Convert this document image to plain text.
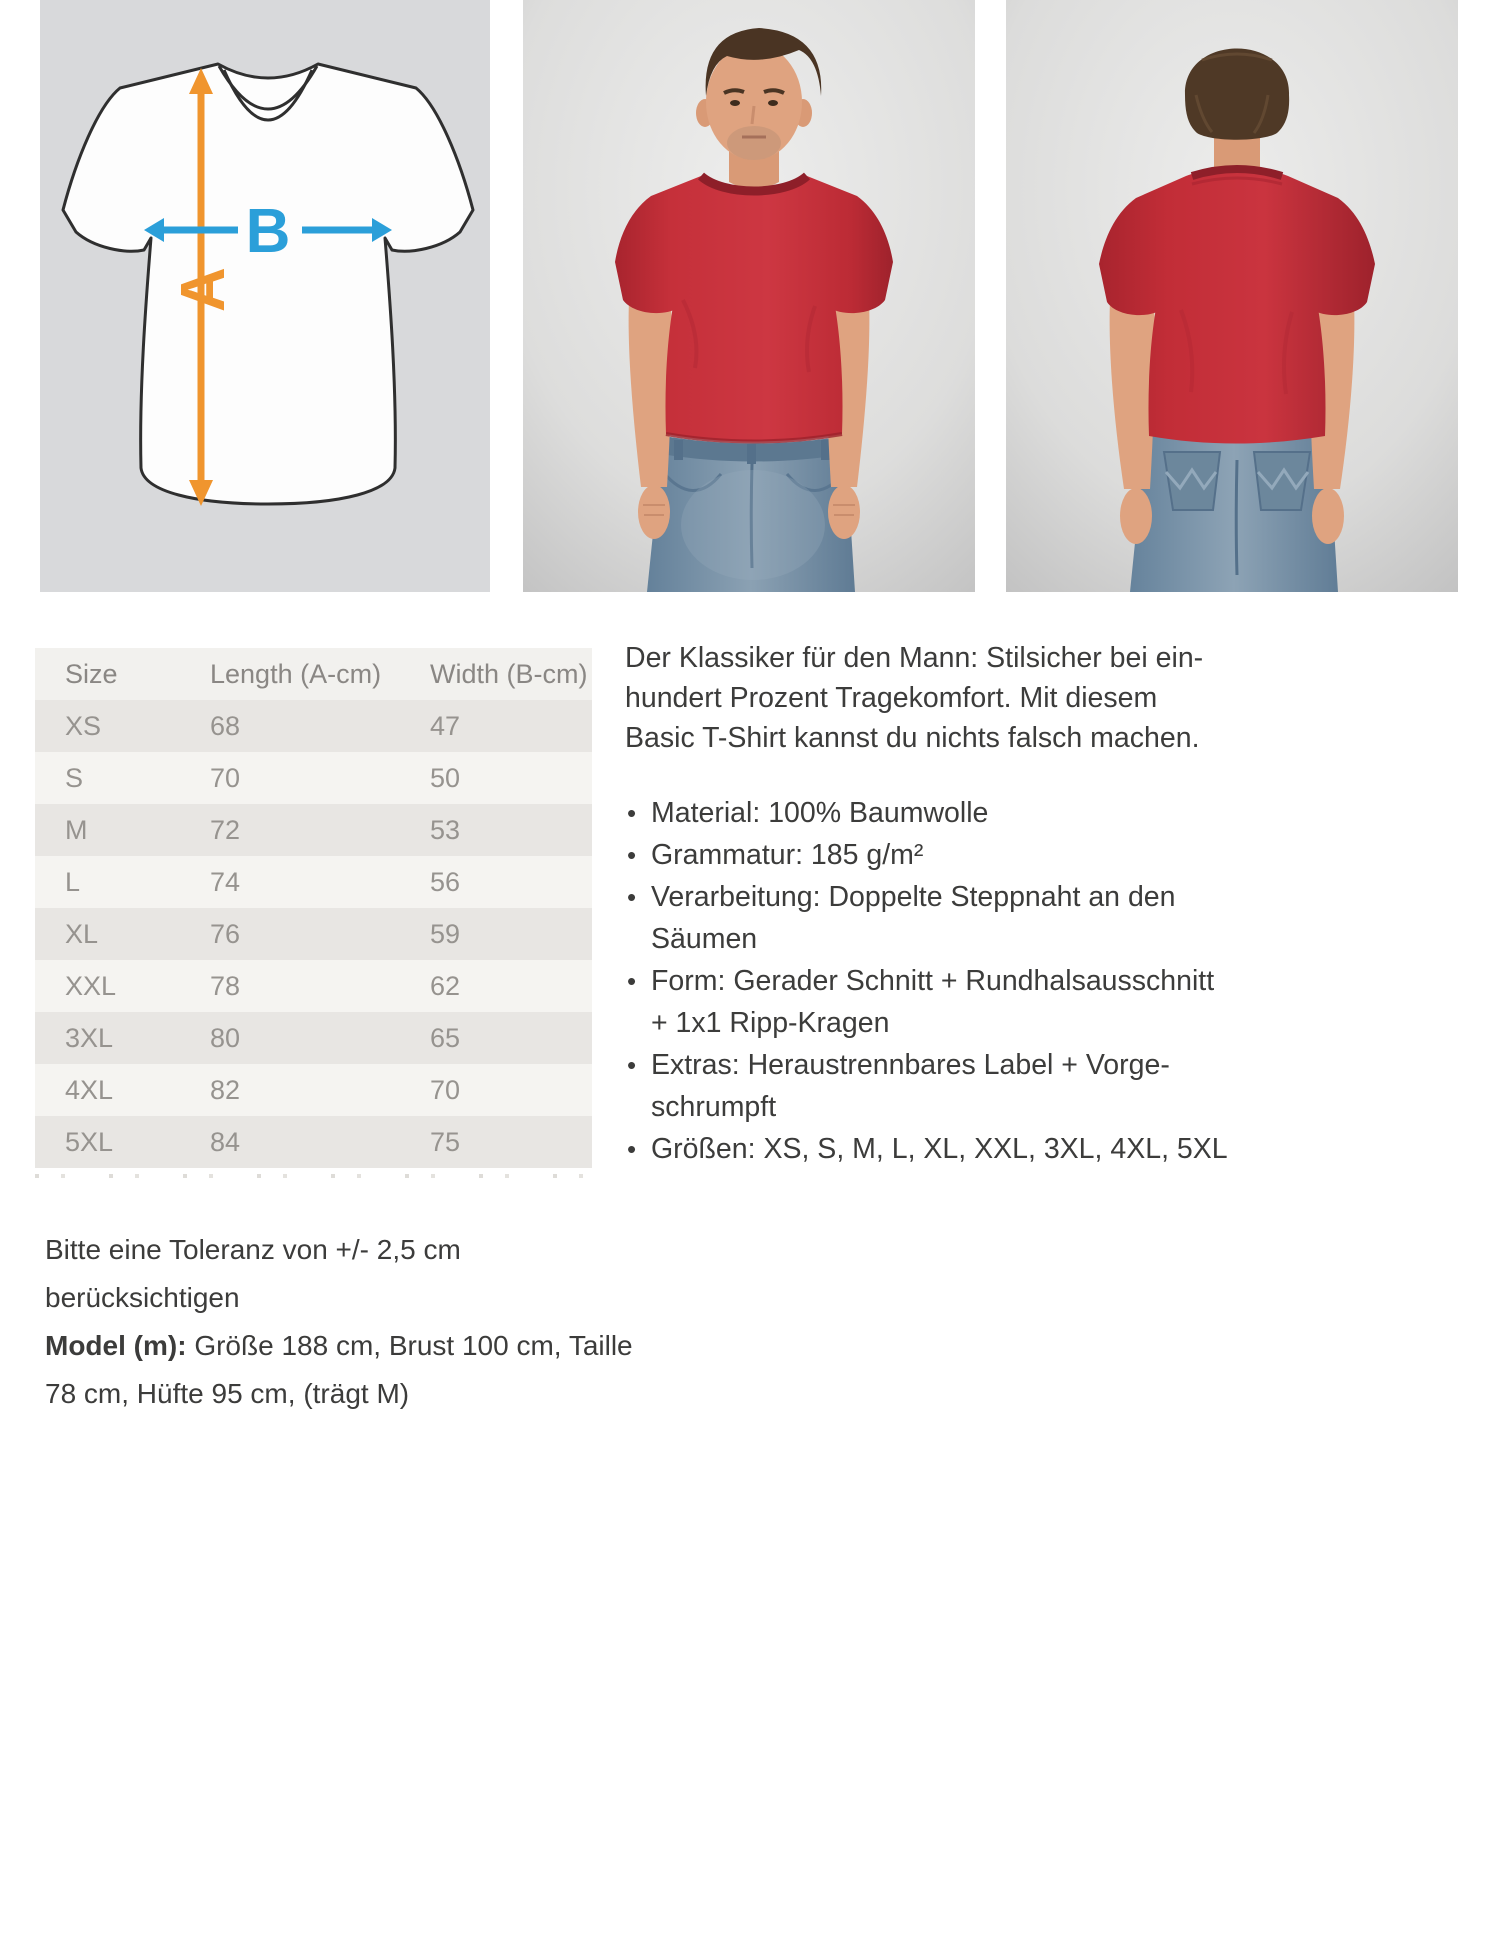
A
B
Size	Length (A-cm)	Width (B-cm)
XS	68	47
S	70	50
M	72	53
L	74	56
XL	76	59
XXL	78	62
3XL	80	65
4XL	82	70
5XL	84	75

Bitte eine Toleranz von +/- 2,5 cm berücksichtigen

Model (m): Größe 188 cm, Brust 100 cm, Taille
78 cm, Hüfte 95 cm, (trägt M)

Der Klassiker für den Mann: Stilsicher bei ein-
hundert Prozent Tragekomfort. Mit diesem
Basic T-Shirt kannst du nichts falsch machen.

• Material: 100% Baumwolle
• Grammatur: 185 g/m²
• Verarbeitung: Doppelte Steppnaht an den
Säumen
• Form: Gerader Schnitt + Rundhalsausschnitt
+ 1x1 Ripp-Kragen
• Extras: Heraustrennbares Label + Vorge-
schrumpft
• Größen: XS, S, M, L, XL, XXL, 3XL, 4XL, 5XL
